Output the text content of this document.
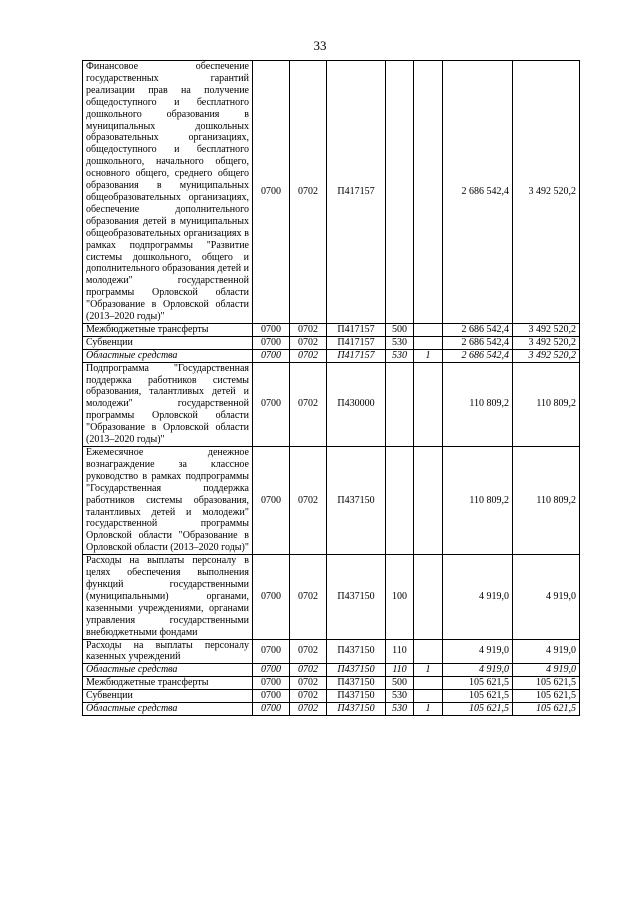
33
Финансовое обеспечение государственных гарантий реализации прав на получение общедоступного и бесплатного дошкольного образования в муниципальных дошкольных образовательных организациях, общедоступного и бесплатного дошкольного, начального общего, основного общего, среднего общего образования в муниципальных общеобразовательных организациях, обеспечение дополнительного образования детей в муниципальных общеобразовательных организациях в рамках подпрограммы "Развитие системы дошкольного, общего и дополнительного образования детей и молодежи" государственной программы Орловской области "Образование в Орловской области (2013–2020 годы)"	0700	0702	П417157			2 686 542,4	3 492 520,2
Межбюджетные трансферты	0700	0702	П417157	500		2 686 542,4	3 492 520,2
Субвенции	0700	0702	П417157	530		2 686 542,4	3 492 520,2
Областные средства	0700	0702	П417157	530	1	2 686 542,4	3 492 520,2
Подпрограмма "Государственная поддержка работников системы образования, талантливых детей и молодежи" государственной программы Орловской области "Образование в Орловской области (2013–2020 годы)"	0700	0702	П430000			110 809,2	110 809,2
Ежемесячное денежное вознаграждение за классное руководство в рамках подпрограммы "Государственная поддержка работников системы образования, талантливых детей и молодежи" государственной программы Орловской области "Образование в Орловской области (2013–2020 годы)"	0700	0702	П437150			110 809,2	110 809,2
Расходы на выплаты персоналу в целях обеспечения выполнения функций государственными (муниципальными) органами, казенными учреждениями, органами управления государственными внебюджетными фондами	0700	0702	П437150	100		4 919,0	4 919,0
Расходы на выплаты персоналу казенных учреждений	0700	0702	П437150	110		4 919,0	4 919,0
Областные средства	0700	0702	П437150	110	1	4 919,0	4 919,0
Межбюджетные трансферты	0700	0702	П437150	500		105 621,5	105 621,5
Субвенции	0700	0702	П437150	530		105 621,5	105 621,5
Областные средства	0700	0702	П437150	530	1	105 621,5	105 621,5
